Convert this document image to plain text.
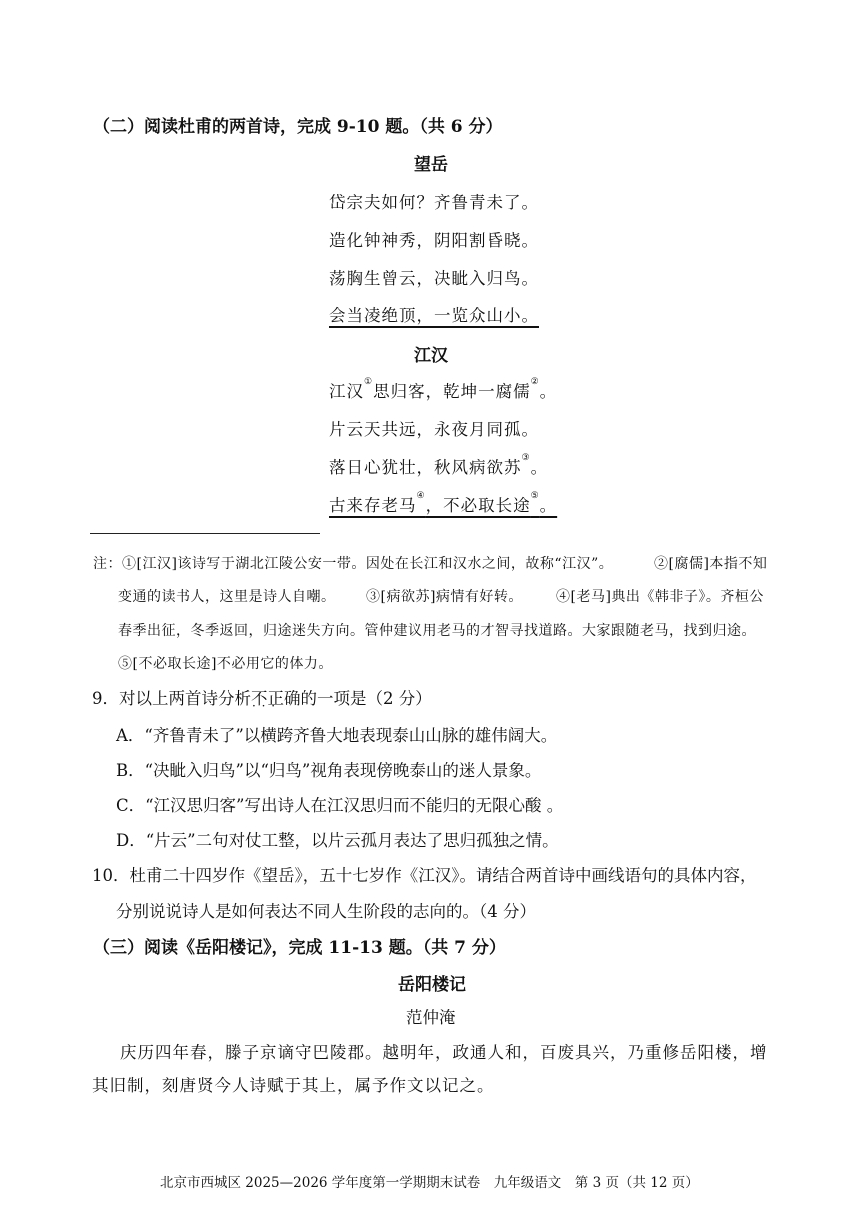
（二）阅读杜甫的两首诗，完成 9-10 题。（共 6 分）
望岳
岱宗夫如何？齐鲁青未了。
造化钟神秀，阴阳割昏晓。
荡胸生曾云，决眦入归鸟。
会当凌绝顶，一览众山小。
江汉
江汉①思归客，乾坤一腐儒②。
片云天共远，永夜月同孤。
落日心犹壮，秋风病欲苏③。
古来存老马④，不必取长途⑤。
注：①[江汉]该诗写于湖北江陵公安一带。因处在长江和汉水之间，故称“江汉”。	②[腐儒]本指不知
变通的读书人，这里是诗人自嘲。 ③[病欲苏]病情有好转。 ④[老马]典出《韩非子》。齐桓公
春季出征，冬季返回，归途迷失方向。管仲建议用老马的才智寻找道路。大家跟随老马，找到归途。
⑤[不必取长途]不必用它的体力。
9．对以上两首诗分析不正确 · · ·的一项是（2 分）
A．“齐鲁青未了”以横跨齐鲁大地表现泰山山脉的雄伟阔大。
B．“决眦入归鸟”以“归鸟”视角表现傍晚泰山的迷人景象。
C．“江汉思归客”写出诗人在江汉思归而不能归的无限心酸 。
D．“片云”二句对仗工整，以片云孤月表达了思归孤独之情。
10．杜甫二十四岁作《望岳》，五十七岁作《江汉》。请结合两首诗中画线语句的具体内容，
分别说说诗人是如何表达不同人生阶段的志向的。（4 分）
（三）阅读《岳阳楼记》，完成 11-13 题。（共 7 分）
岳阳楼记
范仲淹
庆历四年春，滕子京谪守巴陵郡。越明年，政通人和，百废具兴，乃重修岳阳楼，增
其旧制，刻唐贤今人诗赋于其上，属予作文以记之。
北京市西城区 2025—2026 学年度第一学期期末试卷　九年级语文　第 3 页（共 12 页）
